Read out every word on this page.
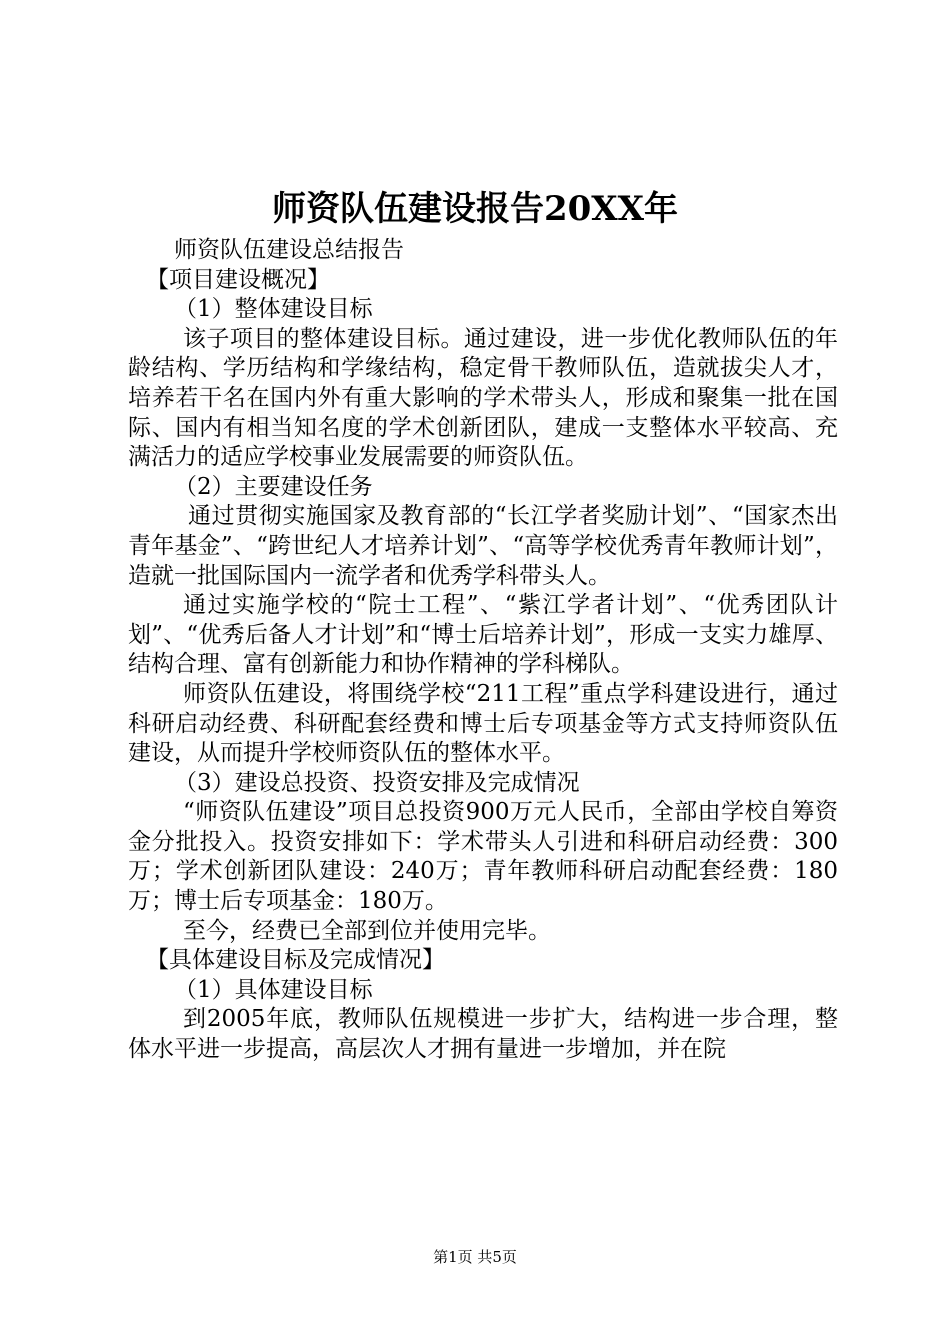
师资队伍建设报告20XX年

师资队伍建设总结报告

【项目建设概况】

（1）整体建设目标

该子项目的整体建设目标。通过建设，进一步优化教师队伍的年龄结构、学历结构和学缘结构，稳定骨干教师队伍，造就拔尖人才，培养若干名在国内外有重大影响的学术带头人，形成和聚集一批在国际、国内有相当知名度的学术创新团队，建成一支整体水平较高、充满活力的适应学校事业发展需要的师资队伍。

（2）主要建设任务

通过贯彻实施国家及教育部的“长江学者奖励计划”、“国家杰出青年基金”、“跨世纪人才培养计划”、“高等学校优秀青年教师计划”，造就一批国际国内一流学者和优秀学科带头人。

通过实施学校的“院士工程”、“紫江学者计划”、“优秀团队计划”、“优秀后备人才计划”和“博士后培养计划”，形成一支实力雄厚、结构合理、富有创新能力和协作精神的学科梯队。

师资队伍建设，将围绕学校“211工程”重点学科建设进行，通过科研启动经费、科研配套经费和博士后专项基金等方式支持师资队伍建设，从而提升学校师资队伍的整体水平。

（3）建设总投资、投资安排及完成情况

“师资队伍建设”项目总投资900万元人民币，全部由学校自筹资金分批投入。投资安排如下：学术带头人引进和科研启动经费：300万；学术创新团队建设：240万；青年教师科研启动配套经费：180万；博士后专项基金：180万。

至今，经费已全部到位并使用完毕。

【具体建设目标及完成情况】

（1）具体建设目标

到2005年底，教师队伍规模进一步扩大，结构进一步合理，整体水平进一步提高，高层次人才拥有量进一步增加，并在院

第1页 共5页
